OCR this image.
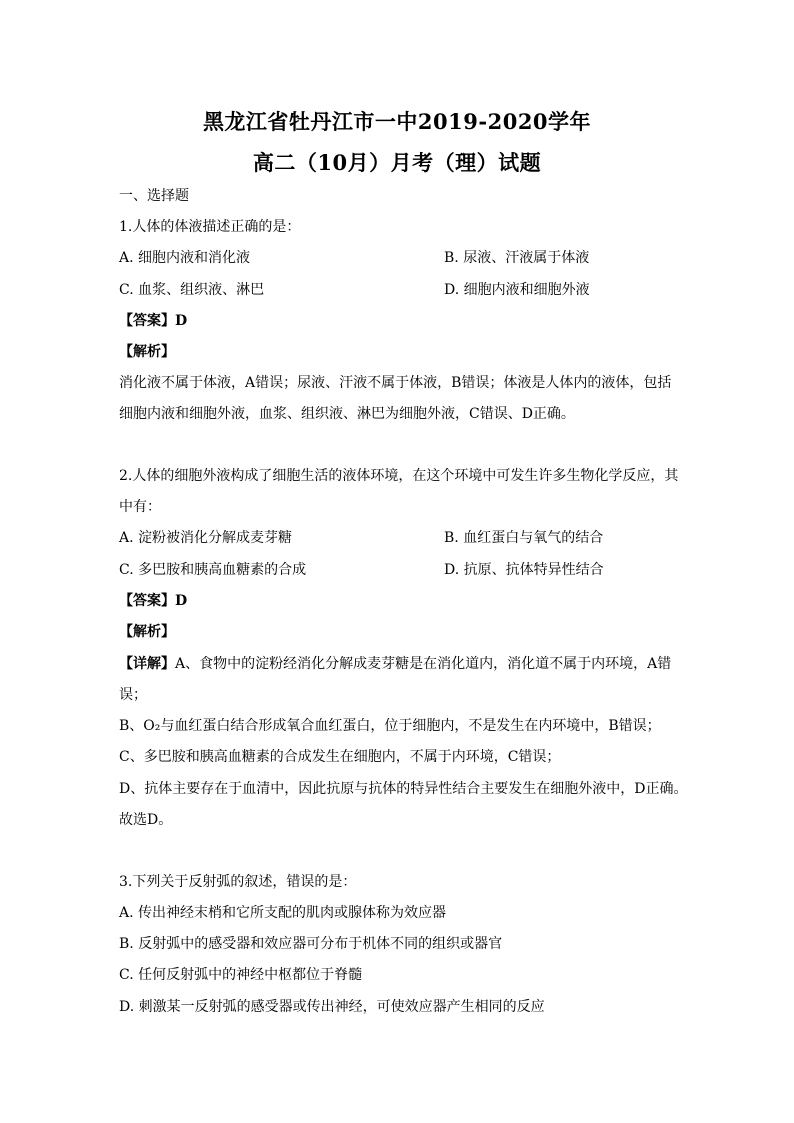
黑龙江省牡丹江市一中2019-2020学年
高二（10月）月考（理）试题
一、选择题
1.人体的体液描述正确的是：
A. 细胞内液和消化液	B. 尿液、汗液属于体液
C. 血浆、组织液、淋巴	D. 细胞内液和细胞外液
【答案】D
【解析】
消化液不属于体液，A错误；尿液、汗液不属于体液，B错误；体液是人体内的液体，包括
细胞内液和细胞外液，血浆、组织液、淋巴为细胞外液，C错误、D正确。
2.人体的细胞外液构成了细胞生活的液体环境，在这个环境中可发生许多生物化学反应，其
中有：
A. 淀粉被消化分解成麦芽糖	B. 血红蛋白与氧气的结合
C. 多巴胺和胰高血糖素的合成	D. 抗原、抗体特异性结合
【答案】D
【解析】
【详解】A、食物中的淀粉经消化分解成麦芽糖是在消化道内，消化道不属于内环境，A错
误；
B、O₂与血红蛋白结合形成氧合血红蛋白，位于细胞内，不是发生在内环境中，B错误；
C、多巴胺和胰高血糖素的合成发生在细胞内，不属于内环境，C错误；
D、抗体主要存在于血清中，因此抗原与抗体的特异性结合主要发生在细胞外液中，D正确。
故选D。
3.下列关于反射弧的叙述，错误的是：
A. 传出神经末梢和它所支配的肌肉或腺体称为效应器
B. 反射弧中的感受器和效应器可分布于机体不同的组织或器官
C. 任何反射弧中的神经中枢都位于脊髓
D. 刺激某一反射弧的感受器或传出神经，可使效应器产生相同的反应
